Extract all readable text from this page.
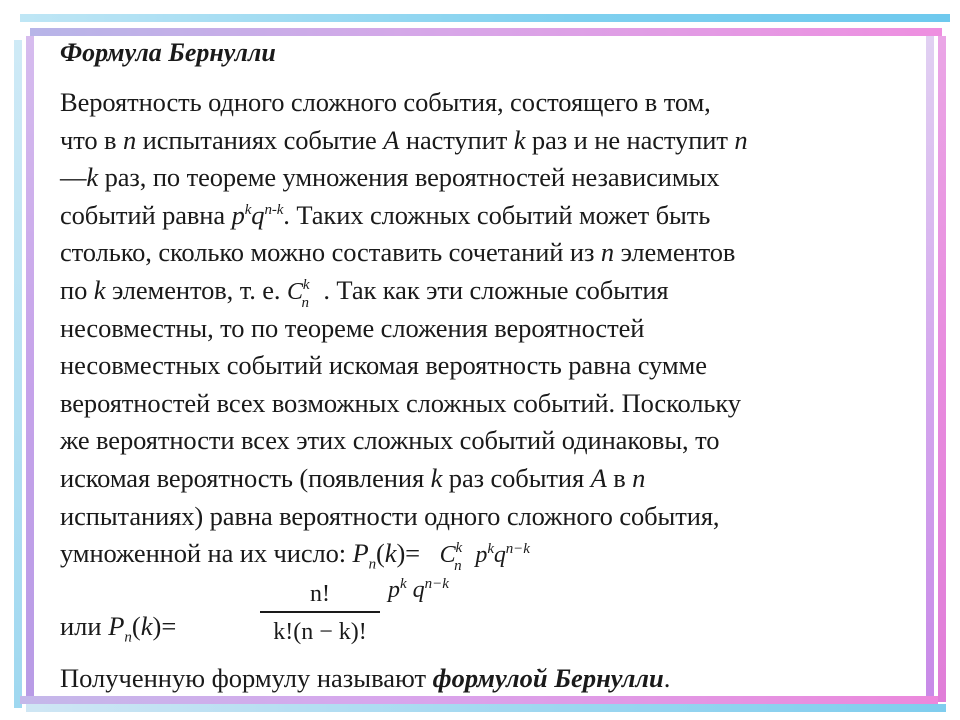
Формула Бернулли
Вероятность одного сложного события, состоящего в том,
что в n испытаниях событие A наступит k раз и не наступит n
—k раз, по теореме умножения вероятностей независимых
событий равна $p^kq^{n-k}$. Таких сложных событий может быть
столько, сколько можно составить сочетаний из n элементов
по k элементов, т. е. $C^k_n$ . Так как эти сложные события
несовместны, то по теореме сложения вероятностей
несовместных событий искомая вероятность равна сумме
вероятностей всех возможных сложных событий. Поскольку
же вероятности всех этих сложных событий одинаковы, то
искомая вероятность (появления k раз события A в n
испытаниях) равна вероятности одного сложного события,
умноженной на их число: $P_n(k)= C^k_n$ $p^kq^{n-k}$
или $P_n(k)=$
n!
k!(n − k)!
$p^k$ $q^{n-k}$
Полученную формулу называют формулой Бернулли.
